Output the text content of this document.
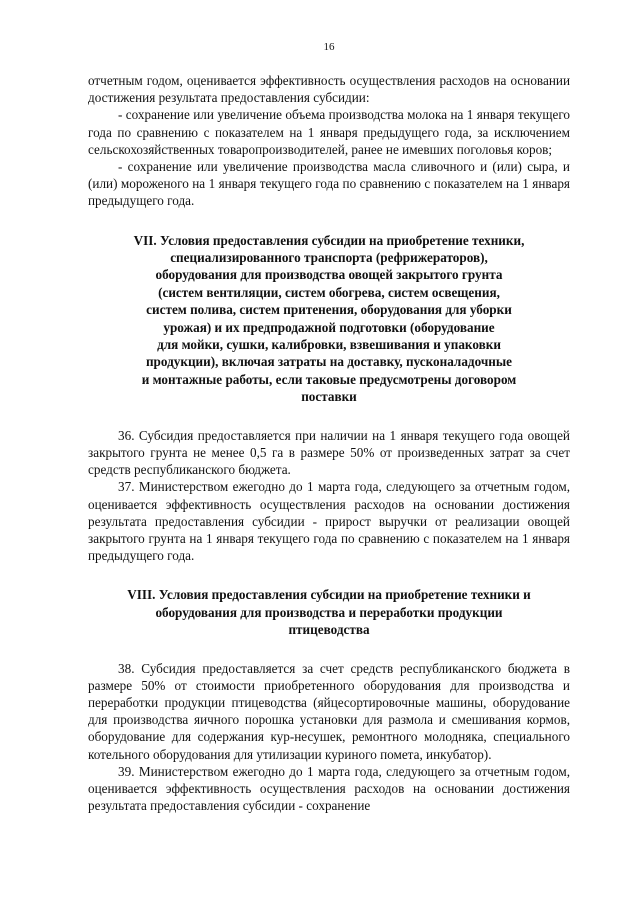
16

отчетным годом, оценивается эффективность осуществления расходов на основании достижения результата предоставления субсидии:

- сохранение или увеличение объема производства молока на 1 января текущего года по сравнению с показателем на 1 января предыдущего года, за исключением сельскохозяйственных товаропроизводителей, ранее не имевших поголовья коров;

- сохранение или увеличение производства масла сливочного и (или) сыра, и (или) мороженого на 1 января текущего года по сравнению с показателем на 1 января предыдущего года.

VII. Условия предоставления субсидии на приобретение техники,
специализированного транспорта (рефрижераторов),
оборудования для производства овощей закрытого грунта
(систем вентиляции, систем обогрева, систем освещения,
систем полива, систем притенения, оборудования для уборки
урожая) и их предпродажной подготовки (оборудование
для мойки, сушки, калибровки, взвешивания и упаковки
продукции), включая затраты на доставку, пусконаладочные
и монтажные работы, если таковые предусмотрены договором
поставки

36. Субсидия предоставляется при наличии на 1 января текущего года овощей закрытого грунта не менее 0,5 га в размере 50% от произведенных затрат за счет средств республиканского бюджета.

37. Министерством ежегодно до 1 марта года, следующего за отчетным годом, оценивается эффективность осуществления расходов на основании достижения результата предоставления субсидии - прирост выручки от реализации овощей закрытого грунта на 1 января текущего года по сравнению с показателем на 1 января предыдущего года.

VIII. Условия предоставления субсидии на приобретение техники и
оборудования для производства и переработки продукции
птицеводства

38. Субсидия предоставляется за счет средств республиканского бюджета в размере 50% от стоимости приобретенного оборудования для производства и переработки продукции птицеводства (яйцесортировочные машины, оборудование для производства яичного порошка установки для размола и смешивания кормов, оборудование для содержания кур-несушек, ремонтного молодняка, специального котельного оборудования для утилизации куриного помета, инкубатор).

39. Министерством ежегодно до 1 марта года, следующего за отчетным годом, оценивается эффективность осуществления расходов на основании достижения результата предоставления субсидии - сохранение
